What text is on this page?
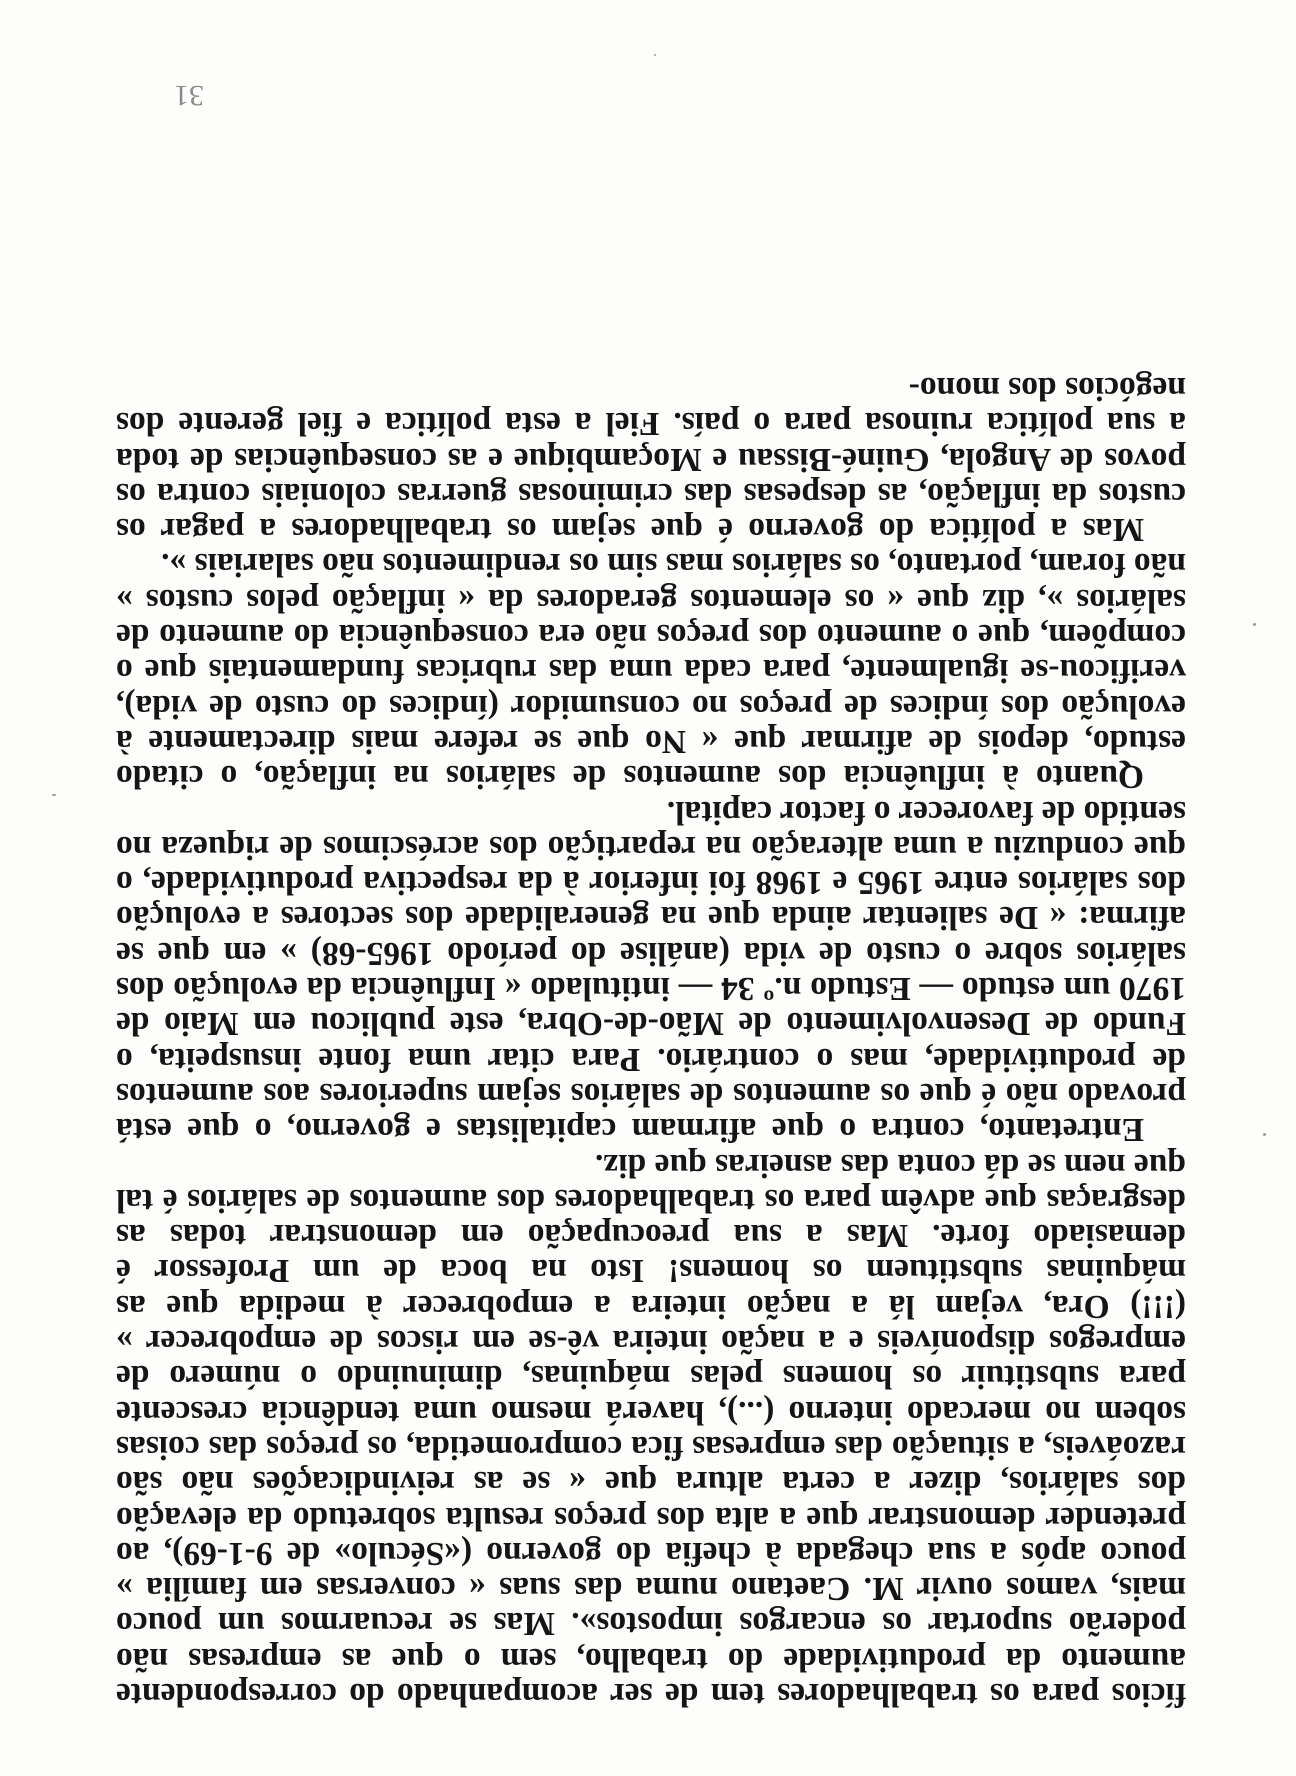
fícios para os trabalhadores tem de ser acompanhado do correspondente aumento da produtividade do trabalho, sem o que as empresas não poderão suportar os encargos impostos». Mas se recuarmos um pouco mais, vamos ouvir M. Caetano numa das suas « conversas em família » pouco após a sua chegada à chefia do governo («Século» de 9-1-69), ao pretender demonstrar que a alta dos preços resulta sobretudo da elevação dos salários, dizer a certa altura que « se as reivindicações não são razoáveis, a situação das empresas fica comprometida, os preços das coisas sobem no mercado interno (...), haverá mesmo uma tendência crescente para substituir os homens pelas máquinas, diminuindo o número de empregos disponíveis e a nação inteira vê-se em riscos de empobrecer » (!!!) Ora, vejam lá a nação inteira a empobrecer à medida que as máquinas substituem os homens! Isto na boca de um Professor é demasiado forte. Mas a sua preocupação em demonstrar todas as desgraças que advêm para os trabalhadores dos aumentos de salários é tal que nem se dá conta das asneiras que diz.

Entretanto, contra o que afirmam capitalistas e governo, o que está provado não é que os aumentos de salários sejam superiores aos aumentos de produtividade, mas o contrário. Para citar uma fonte insuspeita, o Fundo de Desenvolvimento de Mão-de-Obra, este publicou em Maio de 1970 um estudo — Estudo n.º 34 — intitulado « Influência da evolução dos salários sobre o custo de vida (análise do período 1965-68) » em que se afirma: « De salientar ainda que na generalidade dos sectores a evolução dos salários entre 1965 e 1968 foi inferior à da respectiva produtividade, o que conduziu a uma alteração na repartição dos acréscimos de riqueza no sentido de favorecer o factor capital.

Quanto à influência dos aumentos de salários na inflação, o citado estudo, depois de afirmar que « No que se refere mais directamente à evolução dos índices de preços no consumidor (índices do custo de vida), verificou-se igualmente, para cada uma das rubricas fundamentais que o compõem, que o aumento dos preços não era consequência do aumento de salários », diz que « os elementos geradores da « inflação pelos custos » não foram, portanto, os salários mas sim os rendimentos não salariais ».

Mas a política do governo é que sejam os trabalhadores a pagar os custos da inflação, as despesas das criminosas guerras coloniais contra os povos de Angola, Guiné-Bissau e Moçambique e as consequências de toda a sua política ruinosa para o país. Fiel a esta política e fiel gerente dos negócios dos mono-

31
